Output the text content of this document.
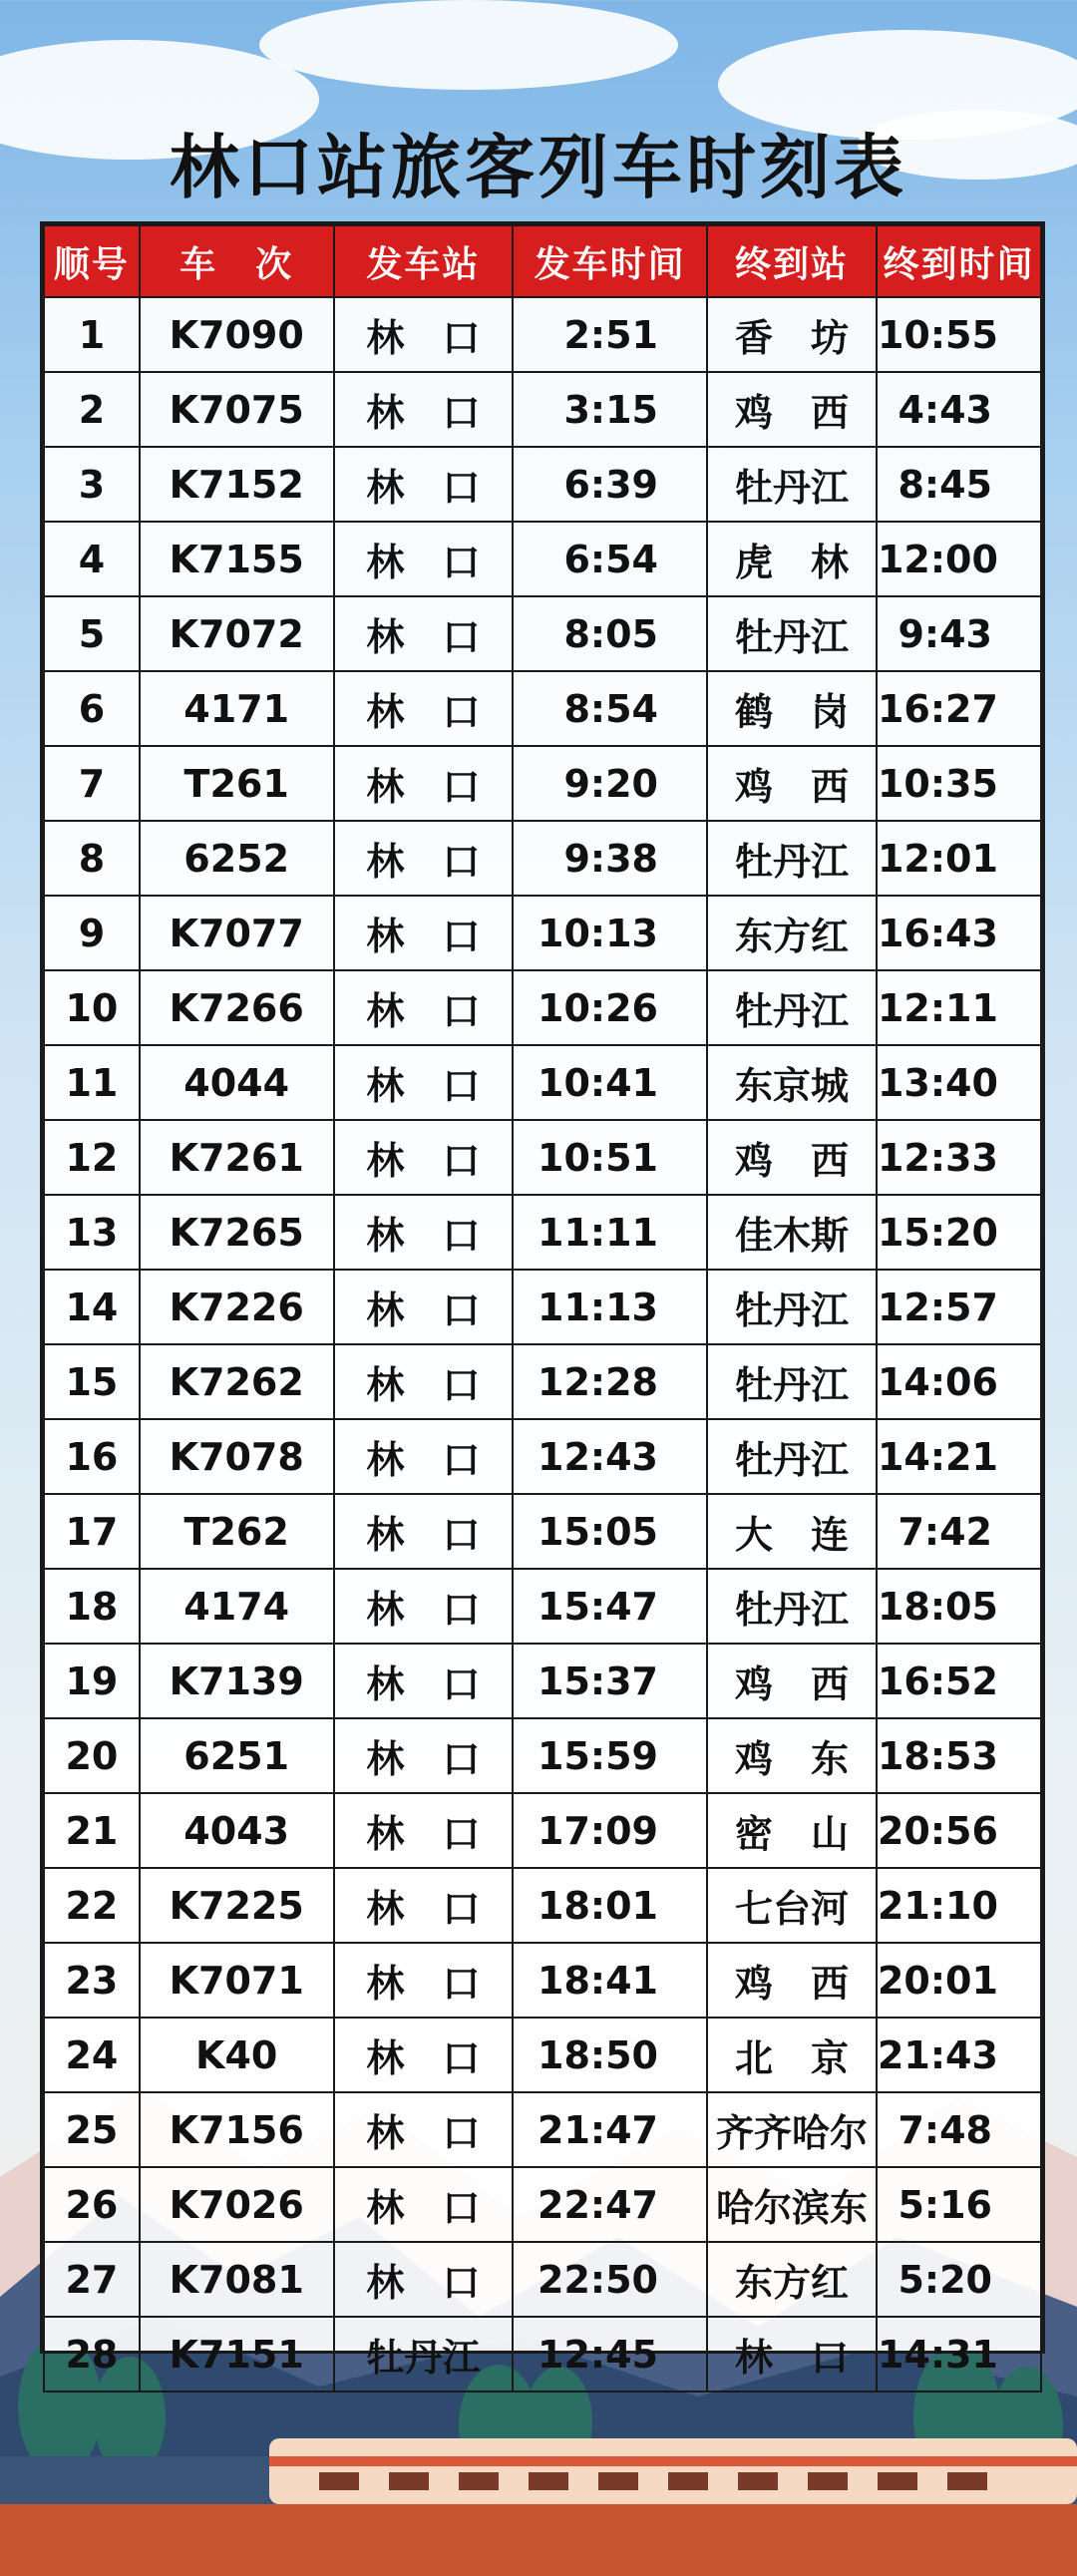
林口站旅客列车时刻表
顺号	车　次	发车站	发车时间	终到站	终到时间
1	K7090	林　口	2:51	香　坊	10:55
2	K7075	林　口	3:15	鸡　西	4:43
3	K7152	林　口	6:39	牡丹江	8:45
4	K7155	林　口	6:54	虎　林	12:00
5	K7072	林　口	8:05	牡丹江	9:43
6	4171	林　口	8:54	鹤　岗	16:27
7	T261	林　口	9:20	鸡　西	10:35
8	6252	林　口	9:38	牡丹江	12:01
9	K7077	林　口	10:13	东方红	16:43
10	K7266	林　口	10:26	牡丹江	12:11
11	4044	林　口	10:41	东京城	13:40
12	K7261	林　口	10:51	鸡　西	12:33
13	K7265	林　口	11:11	佳木斯	15:20
14	K7226	林　口	11:13	牡丹江	12:57
15	K7262	林　口	12:28	牡丹江	14:06
16	K7078	林　口	12:43	牡丹江	14:21
17	T262	林　口	15:05	大　连	7:42
18	4174	林　口	15:47	牡丹江	18:05
19	K7139	林　口	15:37	鸡　西	16:52
20	6251	林　口	15:59	鸡　东	18:53
21	4043	林　口	17:09	密　山	20:56
22	K7225	林　口	18:01	七台河	21:10
23	K7071	林　口	18:41	鸡　西	20:01
24	K40	林　口	18:50	北　京	21:43
25	K7156	林　口	21:47	齐齐哈尔	7:48
26	K7026	林　口	22:47	哈尔滨东	5:16
27	K7081	林　口	22:50	东方红	5:20
28	K7151	牡丹江	12:45	林　口	14:31
